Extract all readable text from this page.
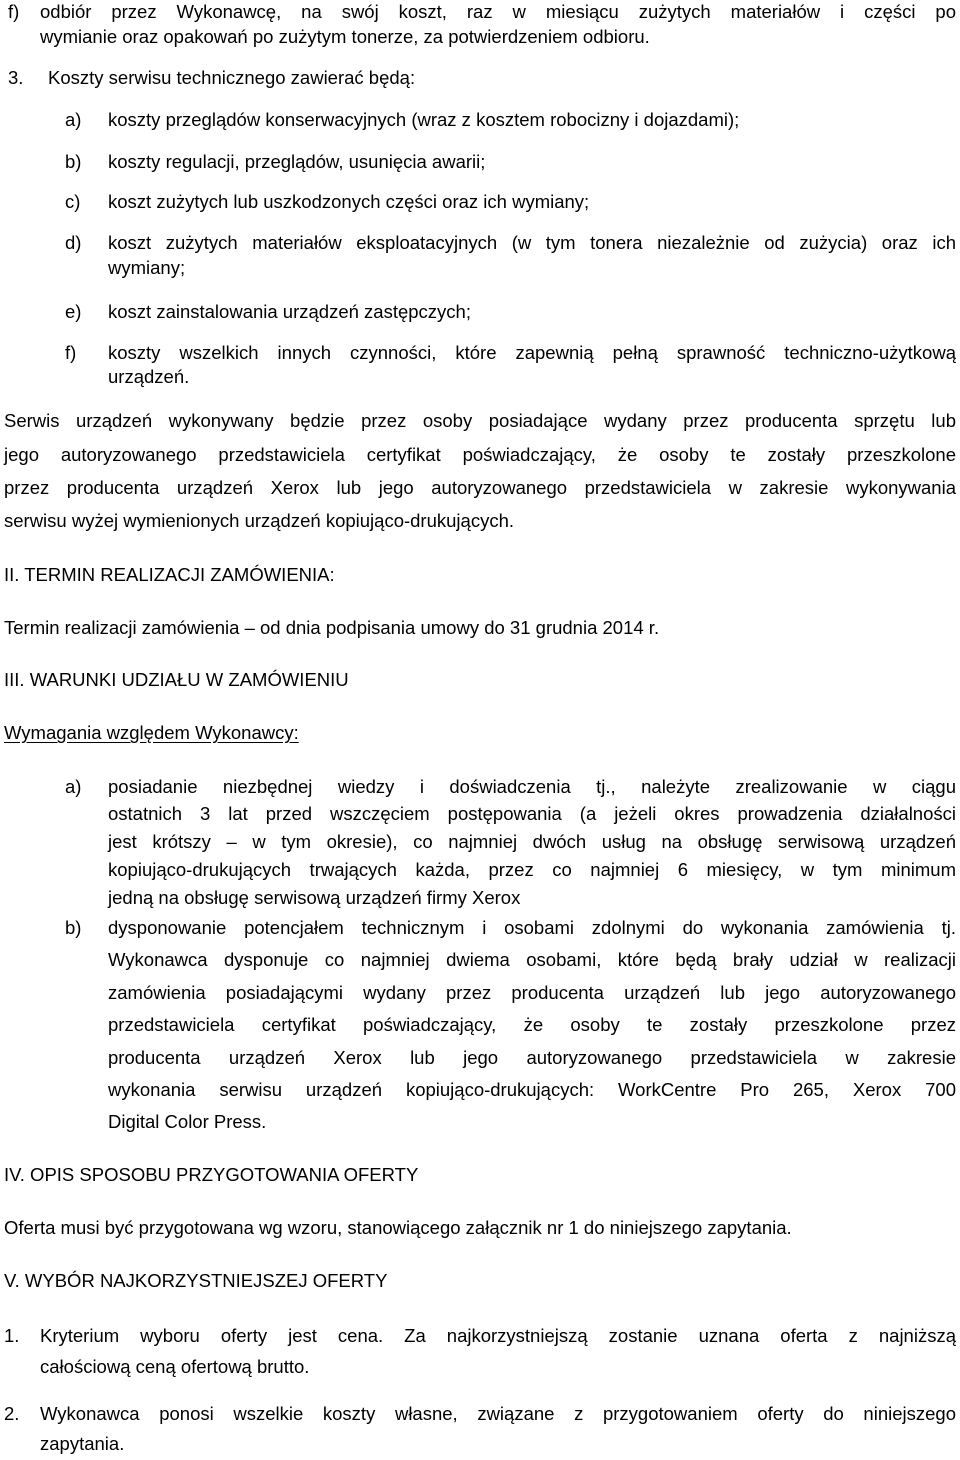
f) odbiór przez Wykonawcę, na swój koszt, raz w miesiącu zużytych materiałów i części po
wymianie oraz opakowań po zużytym tonerze, za potwierdzeniem odbioru.
3. Koszty serwisu technicznego zawierać będą:
a) koszty przeglądów konserwacyjnych (wraz z kosztem robocizny i dojazdami);
b) koszty regulacji, przeglądów, usunięcia awarii;
c) koszt zużytych lub uszkodzonych części oraz ich wymiany;
d) koszt zużytych materiałów eksploatacyjnych (w tym tonera niezależnie od zużycia) oraz ich
wymiany;
e) koszt zainstalowania urządzeń zastępczych;
f) koszty wszelkich innych czynności, które zapewnią pełną sprawność techniczno-użytkową
urządzeń.
Serwis urządzeń wykonywany będzie przez osoby posiadające wydany przez producenta sprzętu lub
jego autoryzowanego przedstawiciela certyfikat poświadczający, że osoby te zostały przeszkolone
przez producenta urządzeń Xerox lub jego autoryzowanego przedstawiciela w zakresie wykonywania
serwisu wyżej wymienionych urządzeń kopiująco-drukujących.
II. TERMIN REALIZACJI ZAMÓWIENIA:
Termin realizacji zamówienia – od dnia podpisania umowy do 31 grudnia 2014 r.
III. WARUNKI UDZIAŁU W ZAMÓWIENIU
Wymagania względem Wykonawcy:
a) posiadanie niezbędnej wiedzy i doświadczenia tj., należyte zrealizowanie w ciągu
ostatnich 3 lat przed wszczęciem postępowania (a jeżeli okres prowadzenia działalności
jest krótszy – w tym okresie), co najmniej dwóch usług na obsługę serwisową urządzeń
kopiująco-drukujących trwających każda, przez co najmniej 6 miesięcy, w tym minimum
jedną na obsługę serwisową urządzeń firmy Xerox
b) dysponowanie potencjałem technicznym i osobami zdolnymi do wykonania zamówienia tj.
Wykonawca dysponuje co najmniej dwiema osobami, które będą brały udział w realizacji
zamówienia posiadającymi wydany przez producenta urządzeń lub jego autoryzowanego
przedstawiciela certyfikat poświadczający, że osoby te zostały przeszkolone przez
producenta urządzeń Xerox lub jego autoryzowanego przedstawiciela w zakresie
wykonania serwisu urządzeń kopiująco-drukujących: WorkCentre Pro 265, Xerox 700
Digital Color Press.
IV. OPIS SPOSOBU PRZYGOTOWANIA OFERTY
Oferta musi być przygotowana wg wzoru, stanowiącego załącznik nr 1 do niniejszego zapytania.
V. WYBÓR NAJKORZYSTNIEJSZEJ OFERTY
1. Kryterium wyboru oferty jest cena. Za najkorzystniejszą zostanie uznana oferta z najniższą
całościową ceną ofertową brutto.
2. Wykonawca ponosi wszelkie koszty własne, związane z przygotowaniem oferty do niniejszego
zapytania.
